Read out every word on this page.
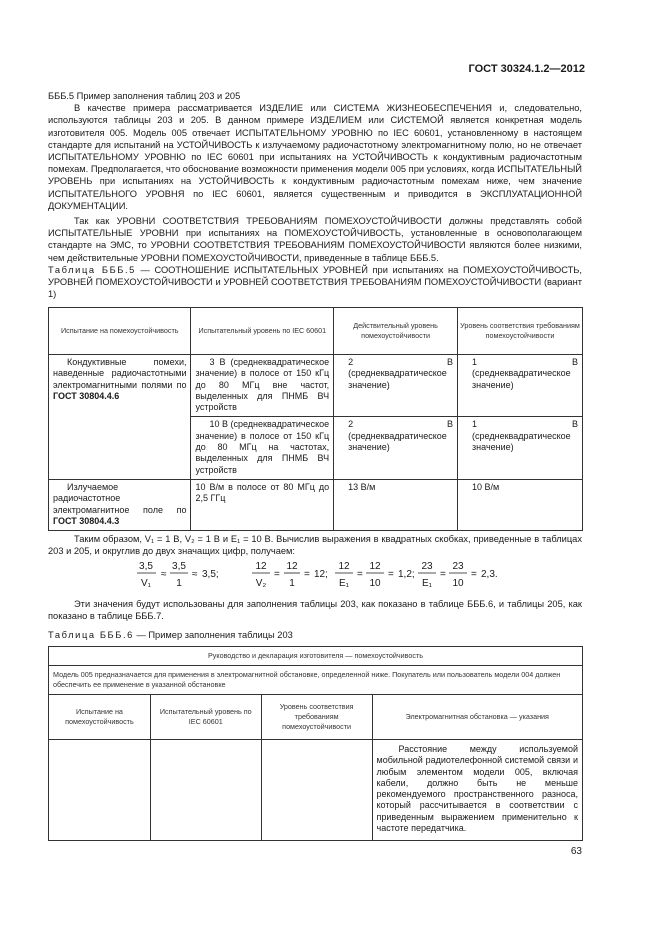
ГОСТ 30324.1.2—2012

БББ.5 Пример заполнения таблиц 203 и 205

В качестве примера рассматривается ИЗДЕЛИЕ или СИСТЕМА ЖИЗНЕОБЕСПЕЧЕНИЯ и, следовательно, используются таблицы 203 и 205. В данном примере ИЗДЕЛИЕМ или СИСТЕМОЙ является конкретная модель изготовителя 005. Модель 005 отвечает ИСПЫТАТЕЛЬНОМУ УРОВНЮ по IEC 60601, установленному в настоящем стандарте для испытаний на УСТОЙЧИВОСТЬ к излучаемому радиочастотному электромагнитному полю, но не отвечает ИСПЫТАТЕЛЬНОМУ УРОВНЮ по IEC 60601 при испытаниях на УСТОЙЧИВОСТЬ к кондуктивным радиочастотным помехам. Предполагается, что обоснование возможности применения модели 005 при условиях, когда ИСПЫТАТЕЛЬНЫЙ УРОВЕНЬ при испытаниях на УСТОЙЧИВОСТЬ к кондуктивным радиочастотным помехам ниже, чем значение ИСПЫТАТЕЛЬНОГО УРОВНЯ по IEC 60601, является существенным и приводится в ЭКСПЛУАТАЦИОННОЙ ДОКУМЕНТАЦИИ.

Так как УРОВНИ СООТВЕТСТВИЯ ТРЕБОВАНИЯМ ПОМЕХОУСТОЙЧИВОСТИ должны представлять собой ИСПЫТАТЕЛЬНЫЕ УРОВНИ при испытаниях на ПОМЕХОУСТОЙЧИВОСТЬ, установленные в основополагающем стандарте на ЭМС, то УРОВНИ СООТВЕТСТВИЯ ТРЕБОВАНИЯМ ПОМЕХОУСТОЙЧИВОСТИ являются более низкими, чем действительные УРОВНИ ПОМЕХОУСТОЙЧИВОСТИ, приведенные в таблице БББ.5.

Таблица БББ.5 — СООТНОШЕНИЕ ИСПЫТАТЕЛЬНЫХ УРОВНЕЙ при испытаниях на ПОМЕХОУСТОЙЧИВОСТЬ, УРОВНЕЙ ПОМЕХОУСТОЙЧИВОСТИ и УРОВНЕЙ СООТВЕТСТВИЯ ТРЕБОВАНИЯМ ПОМЕХОУСТОЙЧИВОСТИ (вариант 1)
Испытание на помехоустойчивость	Испытательный уровень по IEC 60601	Действительный уровень помехоустойчивости	Уровень соответствия требованиям помехоустойчивости
Кондуктивные помехи, наведенные радиочастотными электромагнитными полями по ГОСТ 30804.4.6	3 В (среднеквадратическое значение) в полосе от 150 кГц до 80 МГц вне частот, выделенных для ПНМБ ВЧ устройств	2 В (среднеквадратическое значение)	1 В (среднеквадратическое значение)
	10 В (среднеквадратическое значение) в полосе от 150 кГц до 80 МГц на частотах, выделенных для ПНМБ ВЧ устройств	2 В (среднеквадратическое значение)	1 В (среднеквадратическое значение)
Излучаемое радиочастотное электромагнитное поле по ГОСТ 30804.4.3	10 В/м в полосе от 80 МГц до 2,5 ГГц	13 В/м	10 В/м

Таким образом, V₁ = 1 В, V₂ = 1 В и E₁ = 10 В. Вычислив выражения в квадратных скобках, приведенные в таблицах 203 и 205, и округлив до двух значащих цифр, получаем:

3,5
V₁
≈
3,5
1
≈ 3,5;
12
V₂
=
12
1
= 12;
12
E₁
=
12
10
= 1,2;
23
E₁
=
23
10
= 2,3.

Эти значения будут использованы для заполнения таблицы 203, как показано в таблице БББ.6, и таблицы 205, как показано в таблице БББ.7.

Таблица БББ.6 — Пример заполнения таблицы 203
Руководство и декларация изготовителя — помехоустойчивость			
Модель 005 предназначается для применения в электромагнитной обстановке, определенной ниже. Покупатель или пользователь модели 004 должен обеспечить ее применение в указанной обстановке			
Испытание на помехоустойчивость	Испытательный уровень по IEC 60601	Уровень соответствия требованиям помехоустойчивости	Электромагнитная обстановка — указания
			Расстояние между используемой мобильной радиотелефонной системой связи и любым элементом модели 005, включая кабели, должно быть не меньше рекомендуемого пространственного разноса, который рассчитывается в соответствии с приведенным выражением применительно к частоте передатчика.
63
